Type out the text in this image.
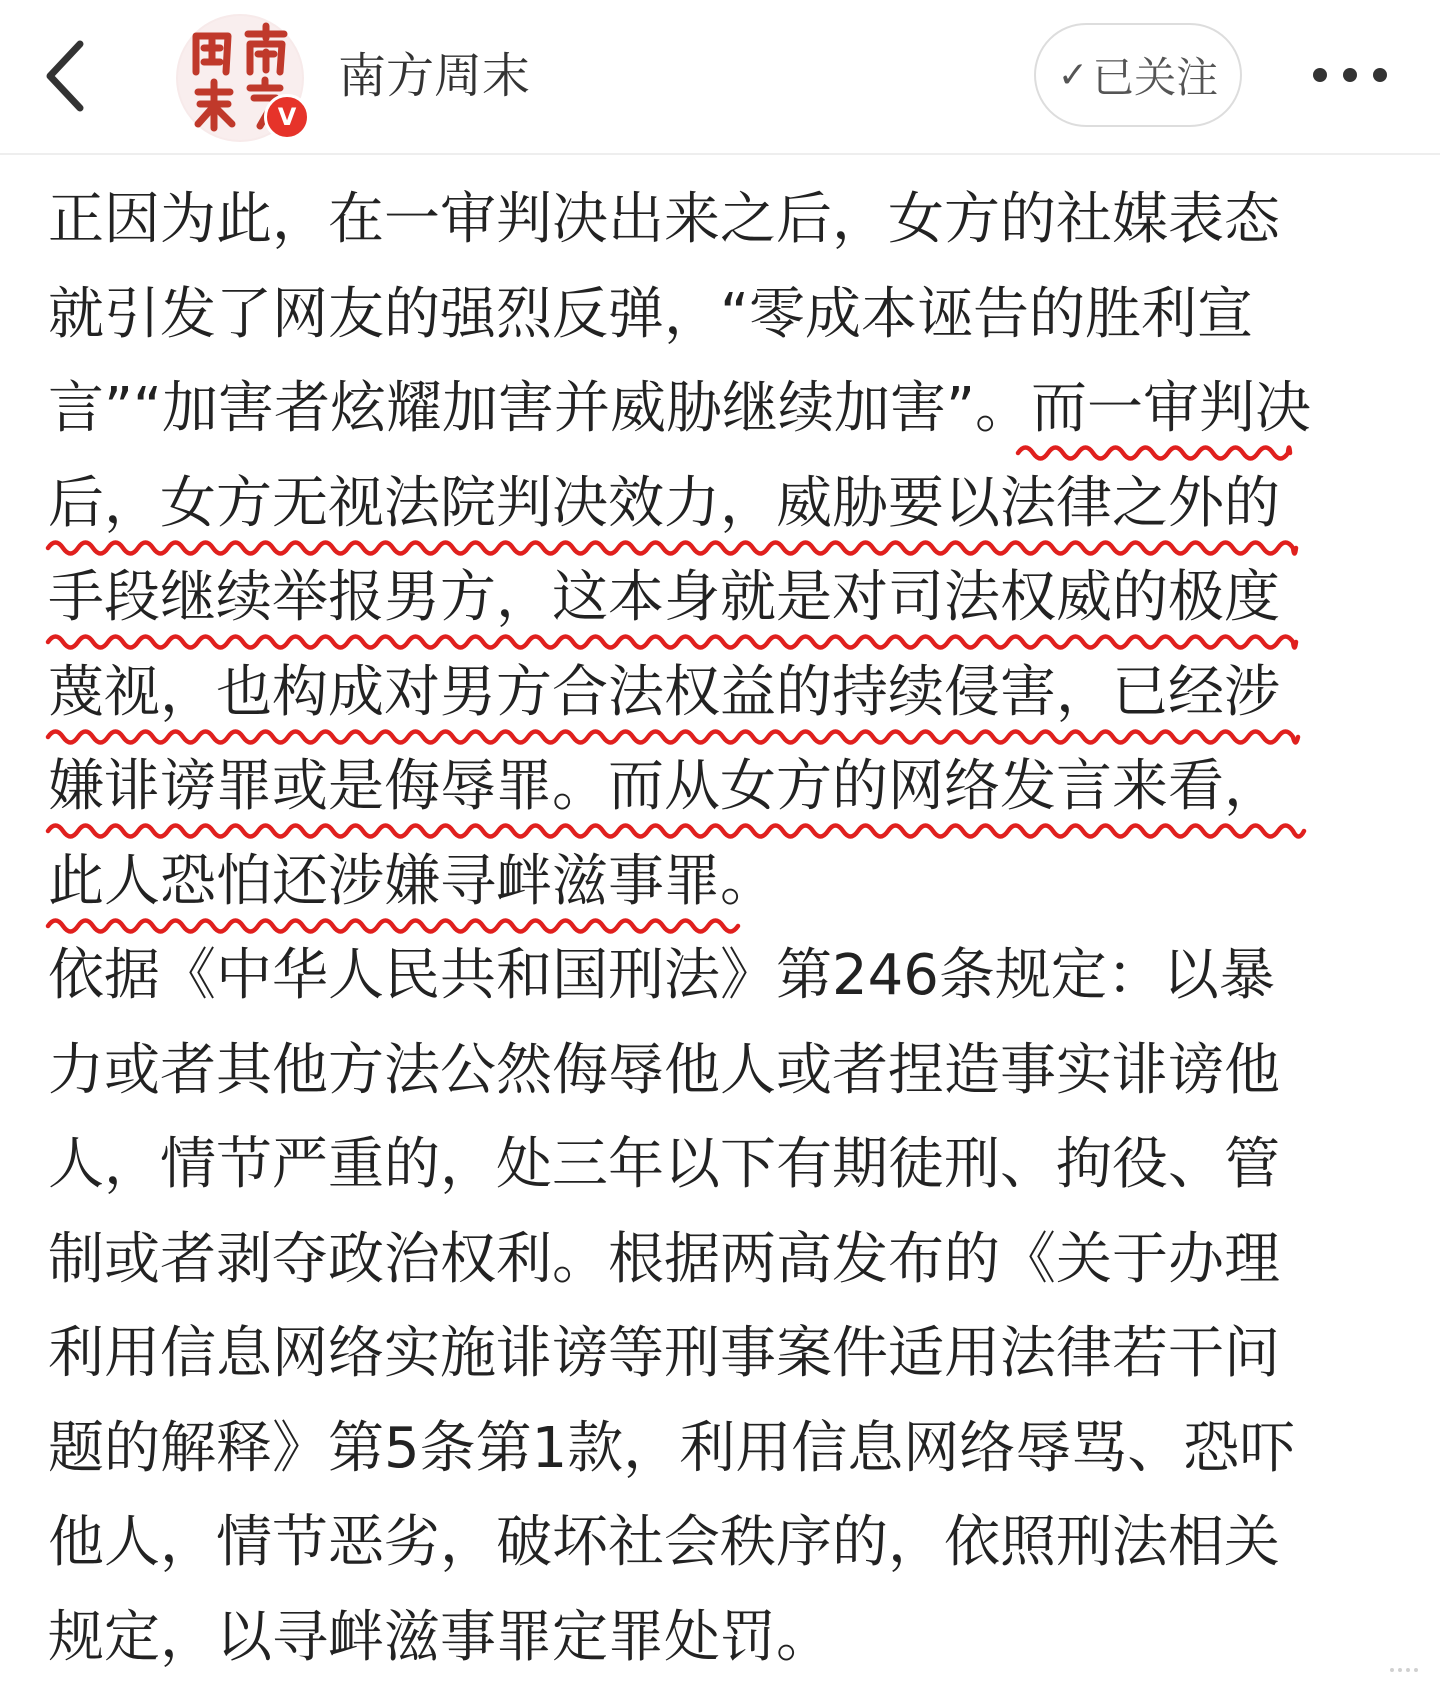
V
南方周末	✓ 已关注
正因为此，在一审判决出来之后，女方的社媒表态
就引发了网友的强烈反弹，“零成本诬告的胜利宣
言”“加害者炫耀加害并威胁继续加害”。而一审判决
后，女方无视法院判决效力，威胁要以法律之外的
手段继续举报男方，这本身就是对司法权威的极度
蔑视，也构成对男方合法权益的持续侵害，已经涉
嫌诽谤罪或是侮辱罪。而从女方的网络发言来看，
此人恐怕还涉嫌寻衅滋事罪。
依据《中华人民共和国刑法》第246条规定：以暴
力或者其他方法公然侮辱他人或者捏造事实诽谤他
人，情节严重的，处三年以下有期徒刑、拘役、管
制或者剥夺政治权利。根据两高发布的《关于办理
利用信息网络实施诽谤等刑事案件适用法律若干问
题的解释》第5条第1款，利用信息网络辱骂、恐吓
他人，情节恶劣，破坏社会秩序的，依照刑法相关
规定，以寻衅滋事罪定罪处罚。
